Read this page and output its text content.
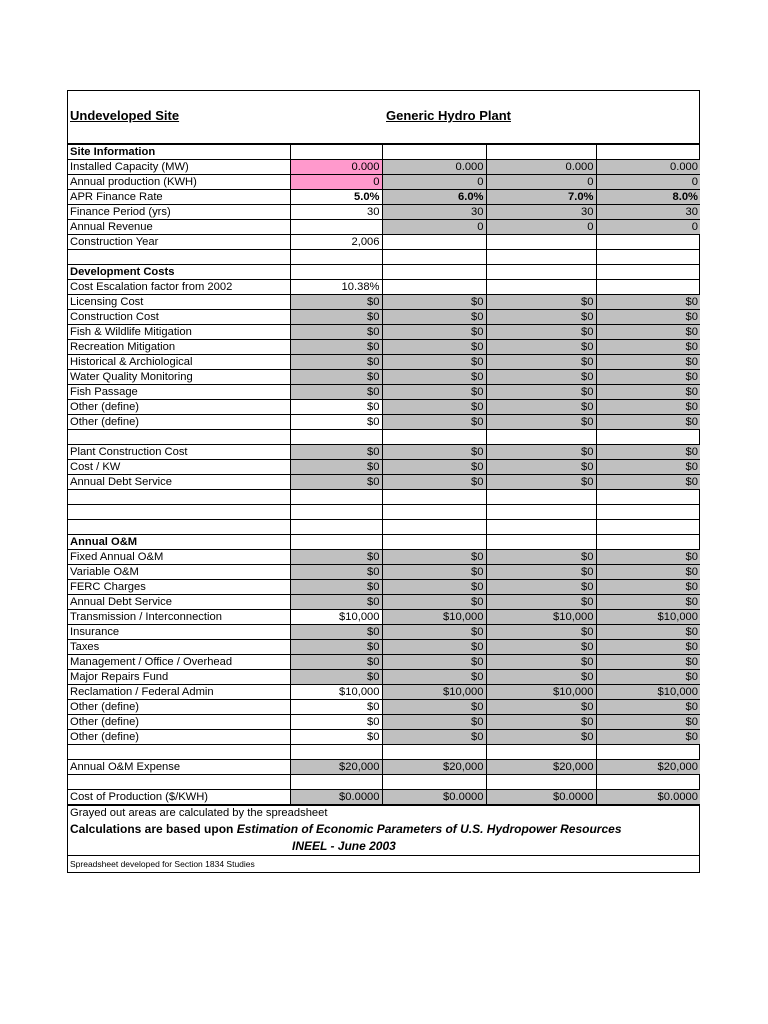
Undeveloped Site	Generic Hydro Plant
Site Information				
Installed Capacity (MW)	0.000	0.000	0.000	0.000
Annual production (KWH)	0	0	0	0
APR Finance Rate	5.0%	6.0%	7.0%	8.0%
Finance Period (yrs)	30	30	30	30
Annual Revenue		0	0	0
Construction Year	2,006			

Development Costs				
Cost Escalation factor from 2002	10.38%			
Licensing Cost	$0	$0	$0	$0
Construction Cost	$0	$0	$0	$0
Fish & Wildlife Mitigation	$0	$0	$0	$0
Recreation Mitigation	$0	$0	$0	$0
Historical & Archiological	$0	$0	$0	$0
Water Quality Monitoring	$0	$0	$0	$0
Fish Passage	$0	$0	$0	$0
Other (define)	$0	$0	$0	$0
Other (define)	$0	$0	$0	$0

Plant Construction Cost	$0	$0	$0	$0
Cost / KW	$0	$0	$0	$0
Annual Debt Service	$0	$0	$0	$0

Annual O&M				
Fixed Annual O&M	$0	$0	$0	$0
Variable O&M	$0	$0	$0	$0
FERC Charges	$0	$0	$0	$0
Annual Debt Service	$0	$0	$0	$0
Transmission / Interconnection	$10,000	$10,000	$10,000	$10,000
Insurance	$0	$0	$0	$0
Taxes	$0	$0	$0	$0
Management / Office / Overhead	$0	$0	$0	$0
Major Repairs Fund	$0	$0	$0	$0
Reclamation / Federal Admin	$10,000	$10,000	$10,000	$10,000
Other (define)	$0	$0	$0	$0
Other (define)	$0	$0	$0	$0
Other (define)	$0	$0	$0	$0

Annual O&M Expense	$20,000	$20,000	$20,000	$20,000

Cost of Production ($/KWH)	$0.0000	$0.0000	$0.0000	$0.0000
Grayed out areas are calculated by the spreadsheet
Calculations are based upon Estimation of Economic Parameters of U.S. Hydropower Resources
INEEL - June 2003
Spreadsheet developed for Section 1834 Studies
